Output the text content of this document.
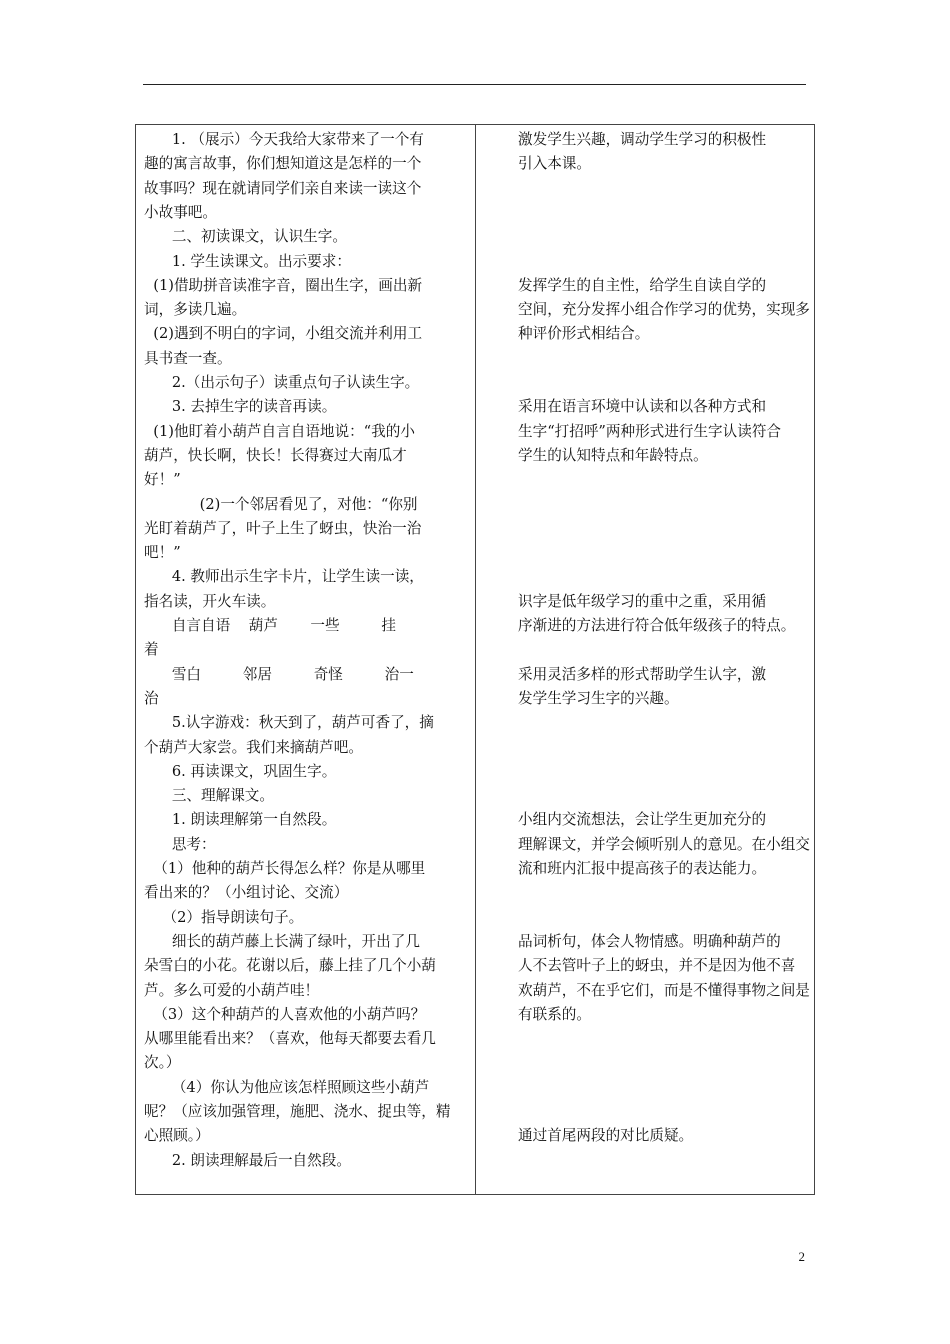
1. （展示）今天我给大家带来了一个有
趣的寓言故事，你们想知道这是怎样的一个
故事吗？现在就请同学们亲自来读一读这个
小故事吧。
二、初读课文，认识生字。
1. 学生读课文。出示要求：
(1)借助拼音读准字音，圈出生字，画出新
词，多读几遍。
(2)遇到不明白的字词，小组交流并利用工
具书查一查。
2.（出示句子）读重点句子认读生字。
3. 去掉生字的读音再读。
(1)他盯着小葫芦自言自语地说：“我的小
葫芦，快长啊，快长！长得赛过大南瓜才
好！”
(2)一个邻居看见了，对他：“你别
光盯着葫芦了，叶子上生了蚜虫，快治一治
吧！”
4. 教师出示生字卡片，让学生读一读，
指名读，开火车读。
自言自语    葫芦       一些         挂
着
雪白         邻居         奇怪         治一
治
5.认字游戏：秋天到了，葫芦可香了，摘
个葫芦大家尝。我们来摘葫芦吧。
6. 再读课文，巩固生字。
三、理解课文。
1. 朗读理解第一自然段。
思考：
（1）他种的葫芦长得怎么样？你是从哪里
看出来的？（小组讨论、交流）
（2）指导朗读句子。
细长的葫芦藤上长满了绿叶，开出了几
朵雪白的小花。花谢以后，藤上挂了几个小葫
芦。多么可爱的小葫芦哇！
（3）这个种葫芦的人喜欢他的小葫芦吗？
从哪里能看出来？（喜欢，他每天都要去看几
次。）
（4）你认为他应该怎样照顾这些小葫芦
呢？（应该加强管理，施肥、浇水、捉虫等，精
心照顾。）
2. 朗读理解最后一自然段。
激发学生兴趣，调动学生学习的积极性
引入本课。
发挥学生的自主性，给学生自读自学的
空间，充分发挥小组合作学习的优势，实现多
种评价形式相结合。
采用在语言环境中认读和以各种方式和
生字“打招呼”两种形式进行生字认读符合
学生的认知特点和年龄特点。
识字是低年级学习的重中之重，采用循
序渐进的方法进行符合低年级孩子的特点。
采用灵活多样的形式帮助学生认字，激
发学生学习生字的兴趣。
小组内交流想法，会让学生更加充分的
理解课文，并学会倾听别人的意见。在小组交
流和班内汇报中提高孩子的表达能力。
品词析句，体会人物情感。明确种葫芦的
人不去管叶子上的蚜虫，并不是因为他不喜
欢葫芦，不在乎它们，而是不懂得事物之间是
有联系的。
通过首尾两段的对比质疑。
2
